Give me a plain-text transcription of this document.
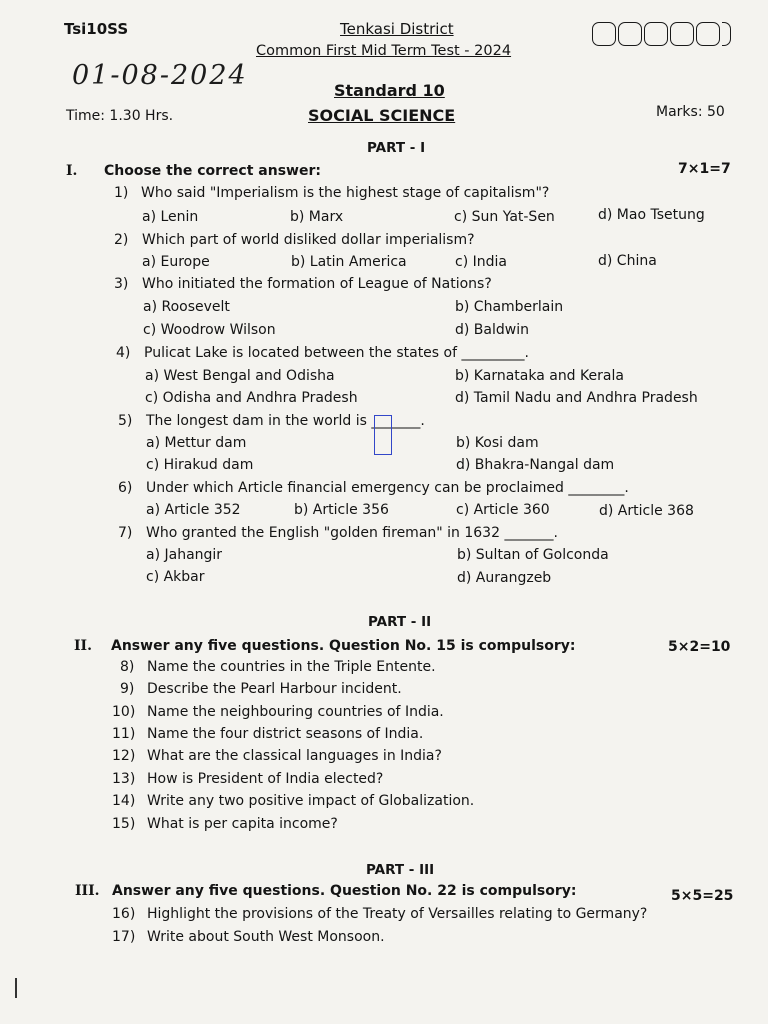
Tsi10SS	Tenkasi District
Common First Mid Term Test - 2024
01-08-2024	Standard 10
Time: 1.30 Hrs.	SOCIAL SCIENCE	Marks: 50
PART - I
I. Choose the correct answer:	7×1=7
1) Who said "Imperialism is the highest stage of capitalism"?
a) Lenin	b) Marx	c) Sun Yat-Sen	d) Mao Tsetung
2) Which part of world disliked dollar imperialism?
a) Europe	b) Latin America	c) India	d) China
3) Who initiated the formation of League of Nations?
a) Roosevelt	b) Chamberlain
c) Woodrow Wilson	d) Baldwin
4) Pulicat Lake is located between the states of _________.
a) West Bengal and Odisha	b) Karnataka and Kerala
c) Odisha and Andhra Pradesh	d) Tamil Nadu and Andhra Pradesh
5) The longest dam in the world is _______.
a) Mettur dam	b) Kosi dam
c) Hirakud dam	d) Bhakra-Nangal dam
6) Under which Article financial emergency can be proclaimed ________.
a) Article 352	b) Article 356	c) Article 360	d) Article 368
7) Who granted the English "golden fireman" in 1632 _______.
a) Jahangir	b) Sultan of Golconda
c) Akbar	d) Aurangzeb
PART - II
II. Answer any five questions. Question No. 15 is compulsory:	5×2=10
8) Name the countries in the Triple Entente.
9) Describe the Pearl Harbour incident.
10) Name the neighbouring countries of India.
11) Name the four district seasons of India.
12) What are the classical languages in India?
13) How is President of India elected?
14) Write any two positive impact of Globalization.
15) What is per capita income?
PART - III
III. Answer any five questions. Question No. 22 is compulsory:	5×5=25
16) Highlight the provisions of the Treaty of Versailles relating to Germany?
17) Write about South West Monsoon.
